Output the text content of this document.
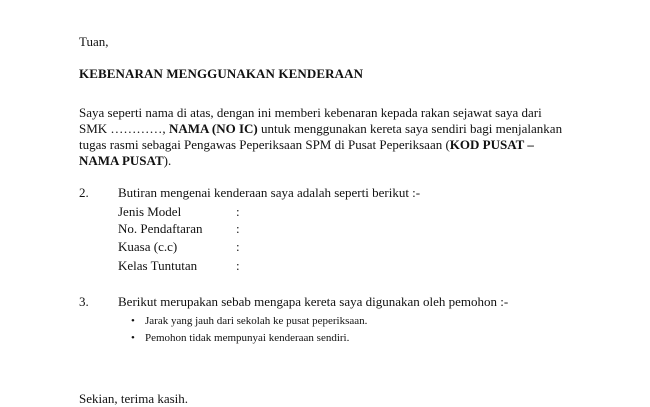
Tuan,
KEBENARAN MENGGUNAKAN KENDERAAN
Saya seperti nama di atas, dengan ini memberi kebenaran kepada rakan sejawat saya dari
SMK …………, NAMA (NO IC) untuk menggunakan kereta saya sendiri bagi menjalankan
tugas rasmi sebagai Pengawas Peperiksaan SPM di Pusat Peperiksaan (KOD PUSAT –
NAMA PUSAT).
2. Butiran mengenai kenderaan saya adalah seperti berikut :-
Jenis Model	:
No. Pendaftaran	:
Kuasa (c.c)	:
Kelas Tuntutan	:
3. Berikut merupakan sebab mengapa kereta saya digunakan oleh pemohon :-
• Jarak yang jauh dari sekolah ke pusat peperiksaan.
• Pemohon tidak mempunyai kenderaan sendiri.
Sekian, terima kasih.
